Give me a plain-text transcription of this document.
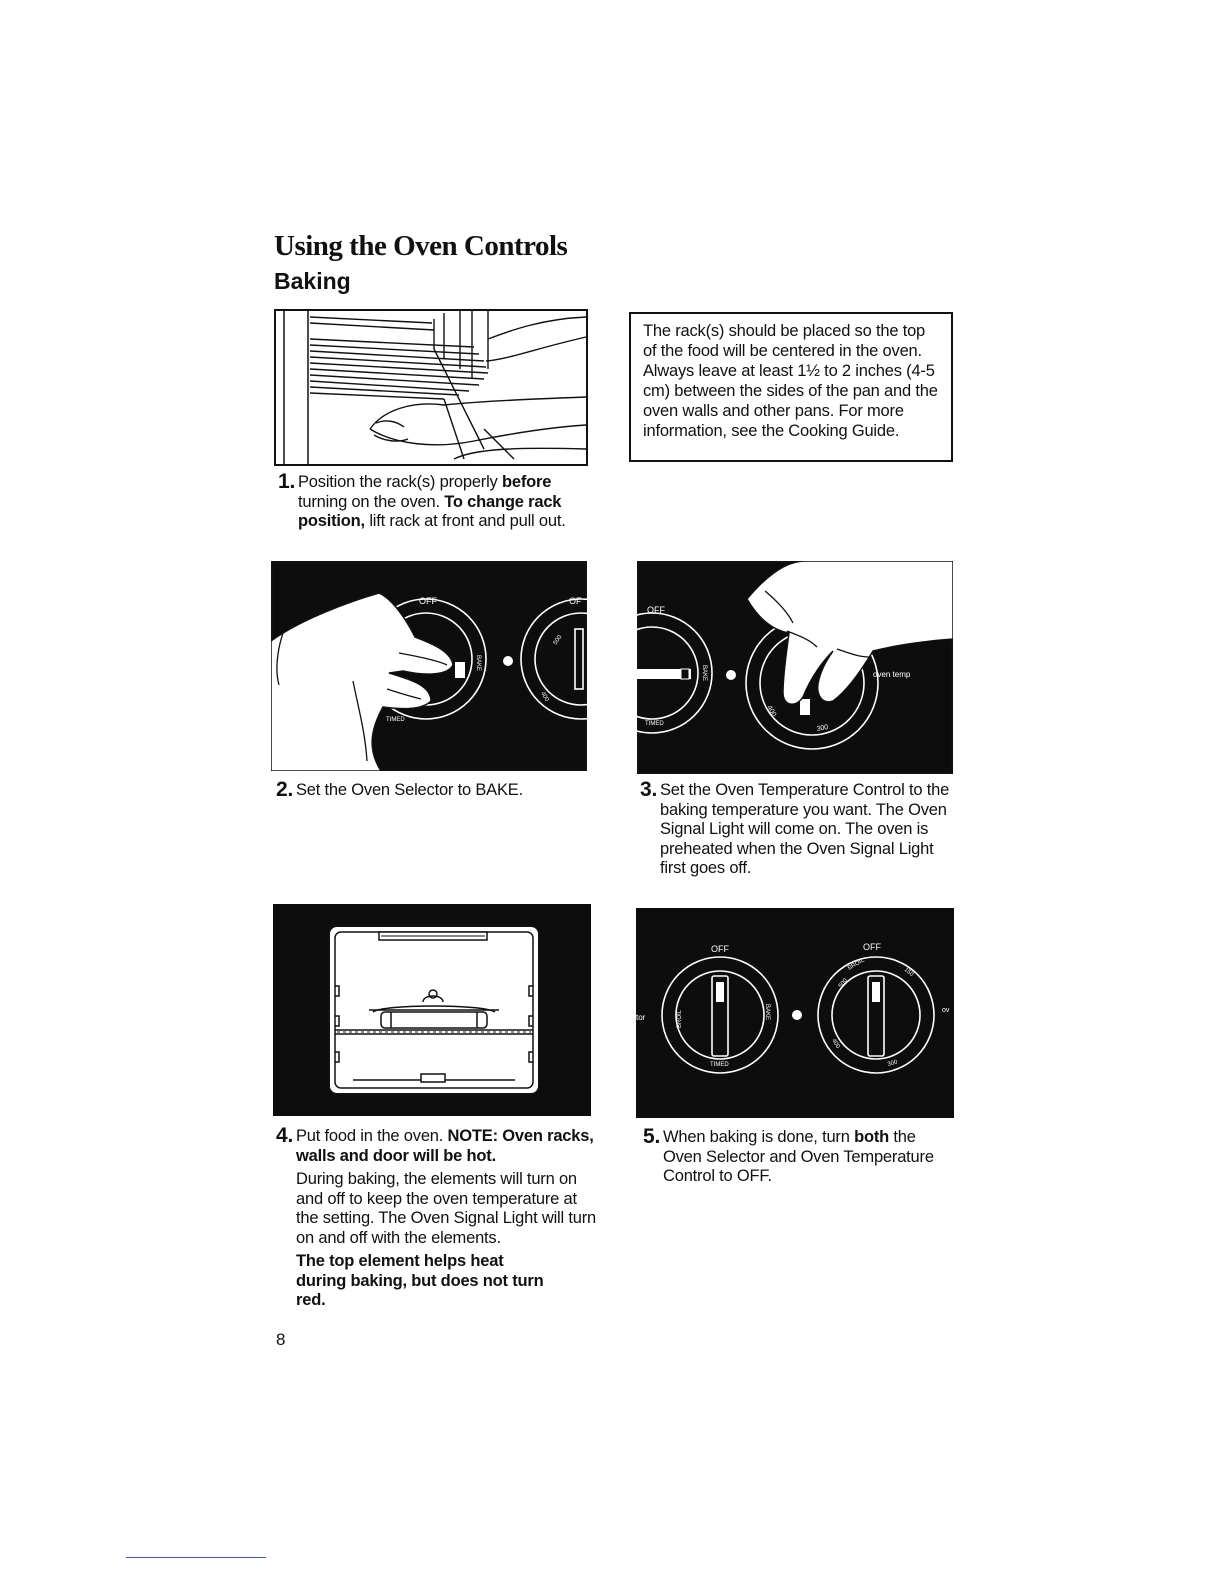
Using the Oven Controls
Baking
The rack(s) should be placed so the top of the food will be centered in the oven. Always leave at least 1½ to 2 inches (4-5 cm) between the sides of the pan and the oven walls and other pans. For more information, see the Cooking Guide.
1. Position the rack(s) properly before turning on the oven. To change rack position, lift rack at front and pull out.

OFF	OF
TIMED
BAKE
500
400
2. Set the Oven Selector to BAKE.

OFF
TIMED
BAKE	oven temp
400
300
3. Set the Oven Temperature Control to the baking temperature you want. The Oven Signal Light will come on. The oven is preheated when the Oven Signal Light first goes off.

4. Put food in the oven. NOTE: Oven racks, walls and door will be hot.

During baking, the elements will turn on and off to keep the oven temperature at the setting. The Oven Signal Light will turn on and off with the elements.

The top element helps heat during baking, but does not turn red.

OFF	OFF
tor
ov
TIMED
BROIL	BAKE
500
BROIL
150
400
300
5. When baking is done, turn both the Oven Selector and Oven Temperature Control to OFF.

8
